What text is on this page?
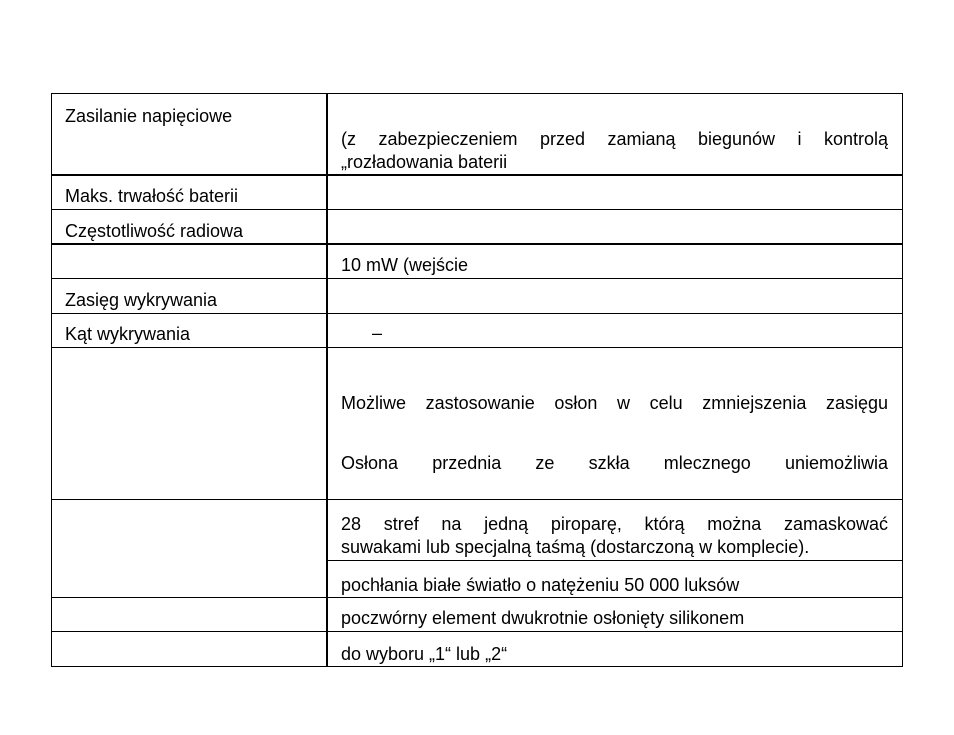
Zasilanie napięciowe
Maks. trwałość baterii
Częstotliwość radiowa
Zasięg wykrywania
Kąt wykrywania
(z zabezpieczeniem przed zamianą biegunów i kontrolą
„rozładowania baterii
10 mW (wejście
–
Możliwe zastosowanie osłon w celu zmniejszenia zasięgu
Osłona przednia ze szkła mlecznego uniemożliwia
28 stref na jedną piroparę, którą można zamaskować
suwakami lub specjalną taśmą (dostarczoną w komplecie).
pochłania białe światło o natężeniu 50 000 luksów
poczwórny element dwukrotnie osłonięty silikonem
do wyboru „1“ lub „2“
